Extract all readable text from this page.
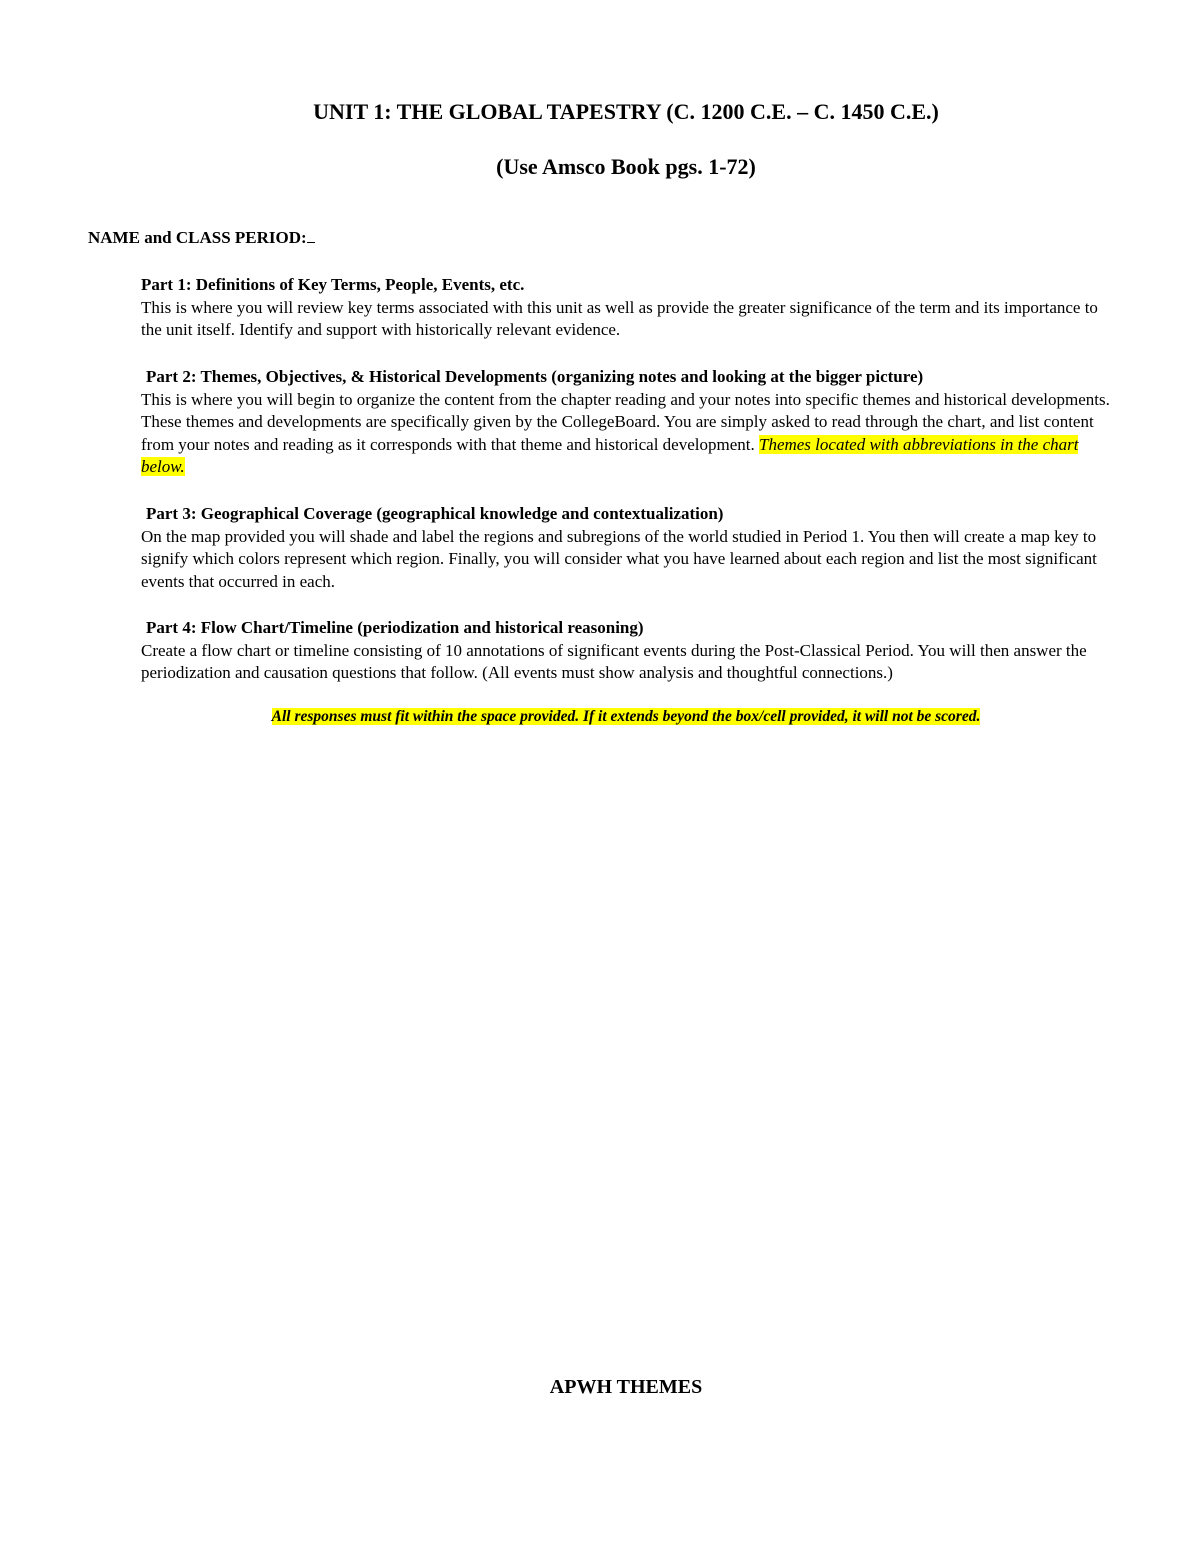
UNIT 1: THE GLOBAL TAPESTRY (C. 1200 C.E. – C. 1450 C.E.)
(Use Amsco Book pgs. 1-72)
NAME and CLASS PERIOD:
Part 1: Definitions of Key Terms, People, Events, etc.
This is where you will review key terms associated with this unit as well as provide the greater significance of the term and its importance to the unit itself. Identify and support with historically relevant evidence.
Part 2: Themes, Objectives, & Historical Developments (organizing notes and looking at the bigger picture)
This is where you will begin to organize the content from the chapter reading and your notes into specific themes and historical developments. These themes and developments are specifically given by the CollegeBoard. You are simply asked to read through the chart, and list content from your notes and reading as it corresponds with that theme and historical development. Themes located with abbreviations in the chart below.
Part 3: Geographical Coverage (geographical knowledge and contextualization)
On the map provided you will shade and label the regions and subregions of the world studied in Period 1. You then will create a map key to signify which colors represent which region. Finally, you will consider what you have learned about each region and list the most significant events that occurred in each.
Part 4: Flow Chart/Timeline (periodization and historical reasoning)
Create a flow chart or timeline consisting of 10 annotations of significant events during the Post-Classical Period. You will then answer the periodization and causation questions that follow. (All events must show analysis and thoughtful connections.)
All responses must fit within the space provided. If it extends beyond the box/cell provided, it will not be scored.
APWH THEMES
